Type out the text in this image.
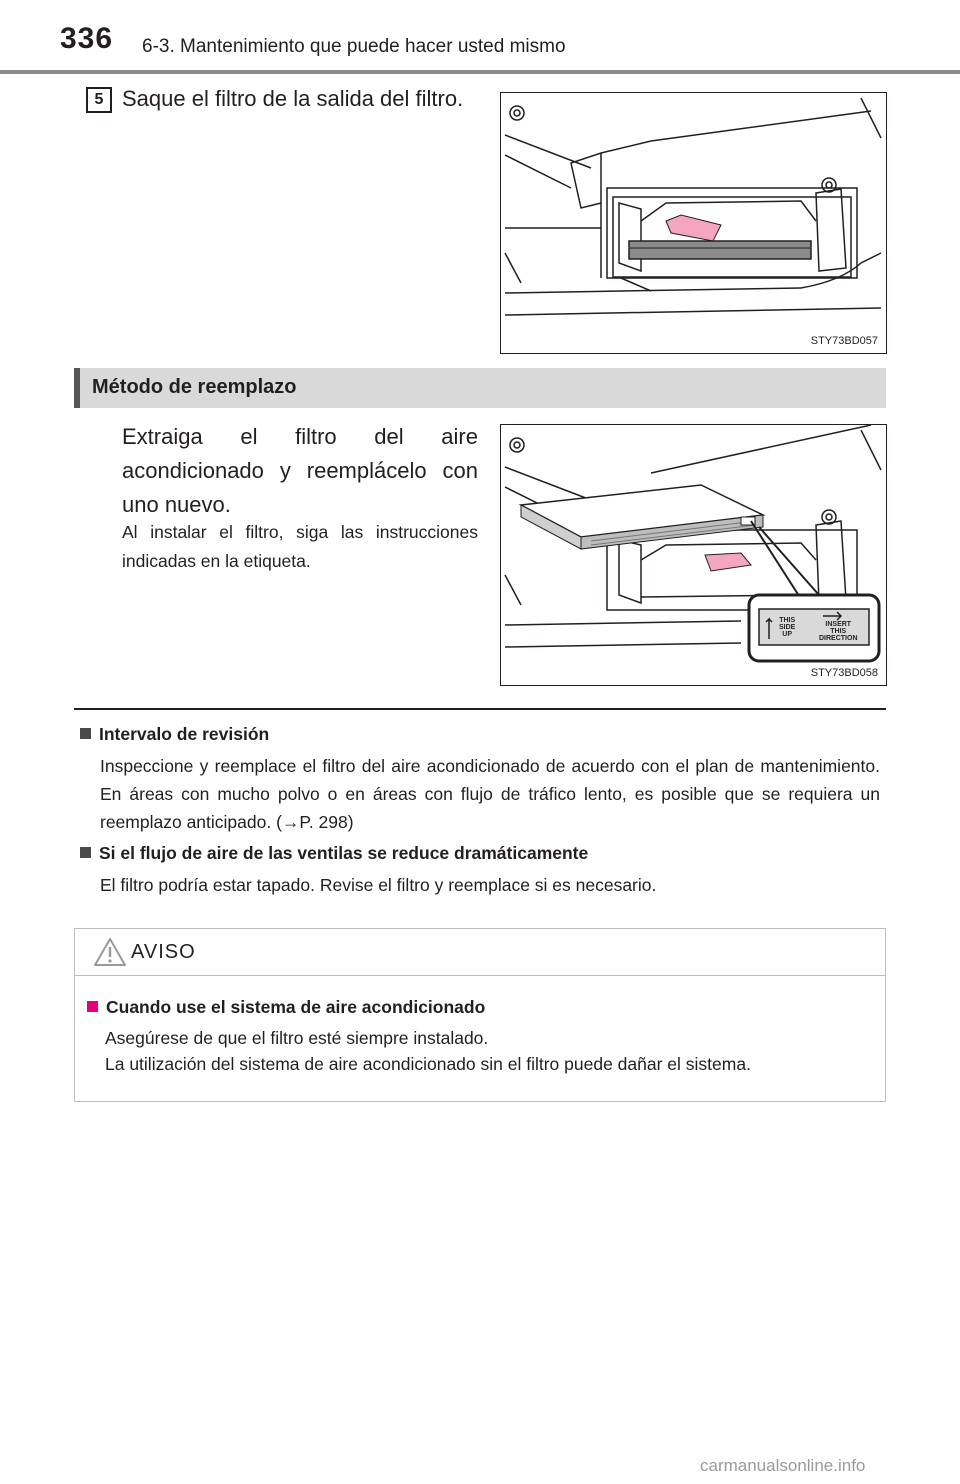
336 6-3. Mantenimiento que puede hacer usted mismo
5 Saque el filtro de la salida del filtro.
STY73BD057
Método de reemplazo
Extraiga el filtro del aire acondicionado y reemplácelo con uno nuevo.
Al instalar el filtro, siga las instrucciones indicadas en la etiqueta.
THIS
SIDE
UP
INSERT
THIS
DIRECTION
STY73BD058
Intervalo de revisión
Inspeccione y reemplace el filtro del aire acondicionado de acuerdo con el plan de mantenimiento. En áreas con mucho polvo o en áreas con flujo de tráfico lento, es posible que se requiera un reemplazo anticipado. (→P. 298)
Si el flujo de aire de las ventilas se reduce dramáticamente
El filtro podría estar tapado. Revise el filtro y reemplace si es necesario.
AVISO
Cuando use el sistema de aire acondicionado
Asegúrese de que el filtro esté siempre instalado.
La utilización del sistema de aire acondicionado sin el filtro puede dañar el sistema.
carmanualsonline.info
